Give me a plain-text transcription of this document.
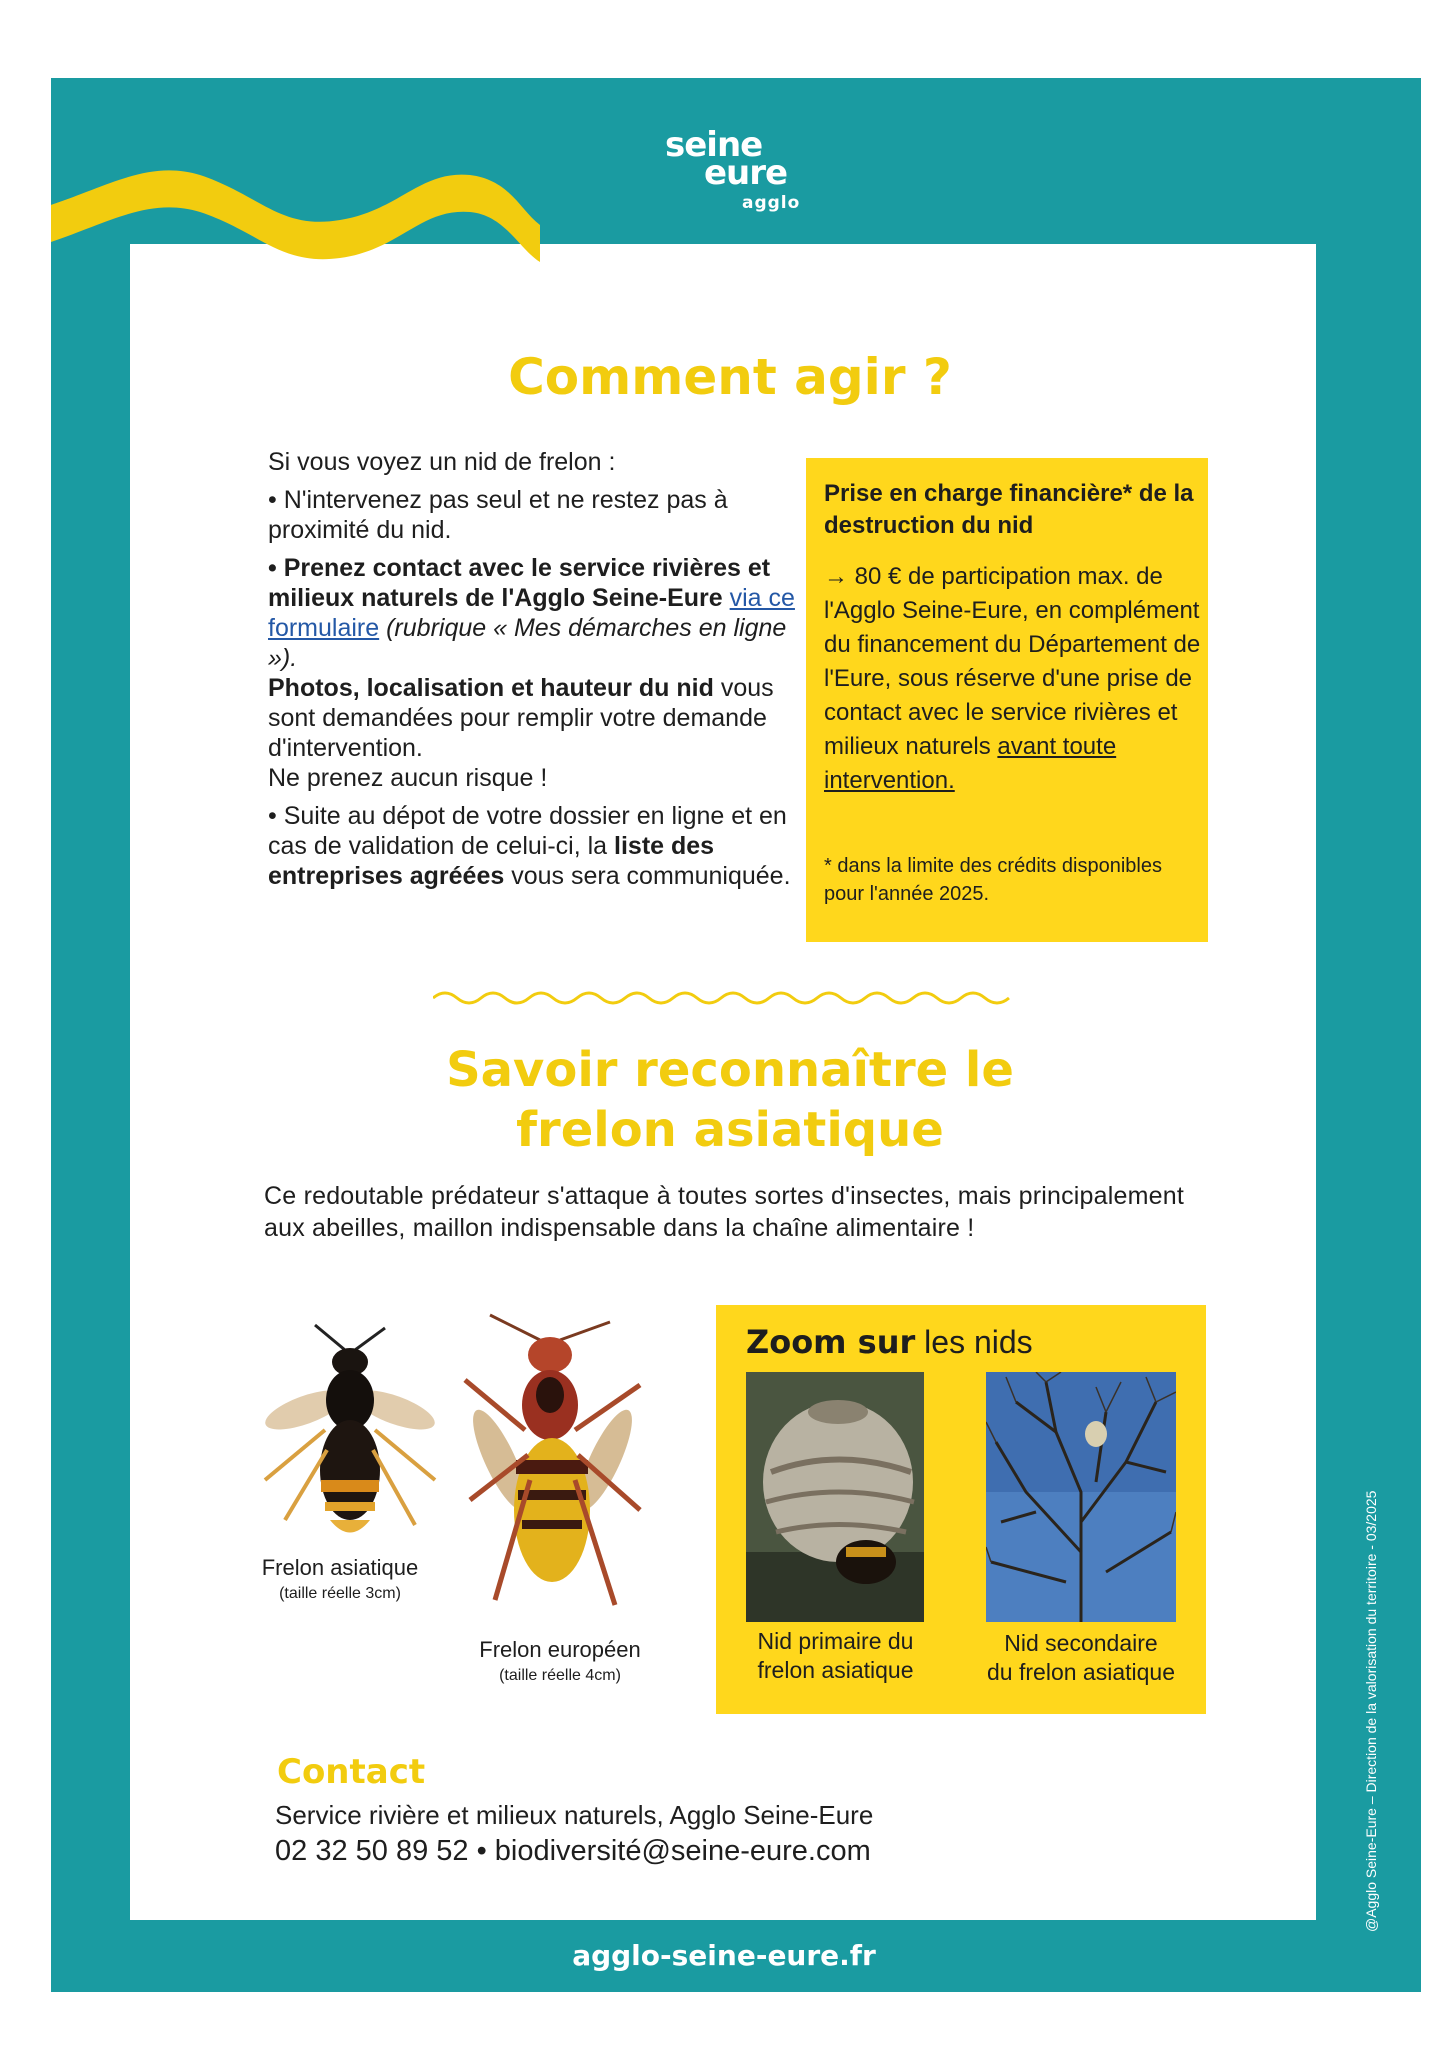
seine
eure
agglo
Comment agir ?

Si vous voyez un nid de frelon :

• N'intervenez pas seul et ne restez pas à proximité du nid.

• Prenez contact avec le service rivières et milieux naturels de l'Agglo Seine-Eure via ce formulaire (rubrique « Mes démarches en ligne »).
Photos, localisation et hauteur du nid vous sont demandées pour remplir votre demande d'intervention.
Ne prenez aucun risque !

• Suite au dépot de votre dossier en ligne et en cas de validation de celui-ci, la liste des entreprises agréées vous sera communiquée.

Prise en charge financière* de la destruction du nid
→ 80 € de participation max. de l'Agglo Seine-Eure, en complément du financement du Département de l'Eure, sous réserve d'une prise de contact avec le service rivières et milieux naturels avant toute intervention.
* dans la limite des crédits disponibles pour l'année 2025.
Savoir reconnaître le
frelon asiatique
Ce redoutable prédateur s'attaque à toutes sortes d'insectes, mais principalement aux abeilles, maillon indispensable dans la chaîne alimentaire !
Frelon asiatique
(taille réelle 3cm)
Frelon européen
(taille réelle 4cm)
Zoom sur les nids
Nid primaire du
frelon asiatique
Nid secondaire
du frelon asiatique
Contact
Service rivière et milieux naturels, Agglo Seine-Eure
02 32 50 89 52 • biodiversité@seine-eure.com
agglo-seine-eure.fr
@Agglo Seine-Eure – Direction de la valorisation du territoire - 03/2025
